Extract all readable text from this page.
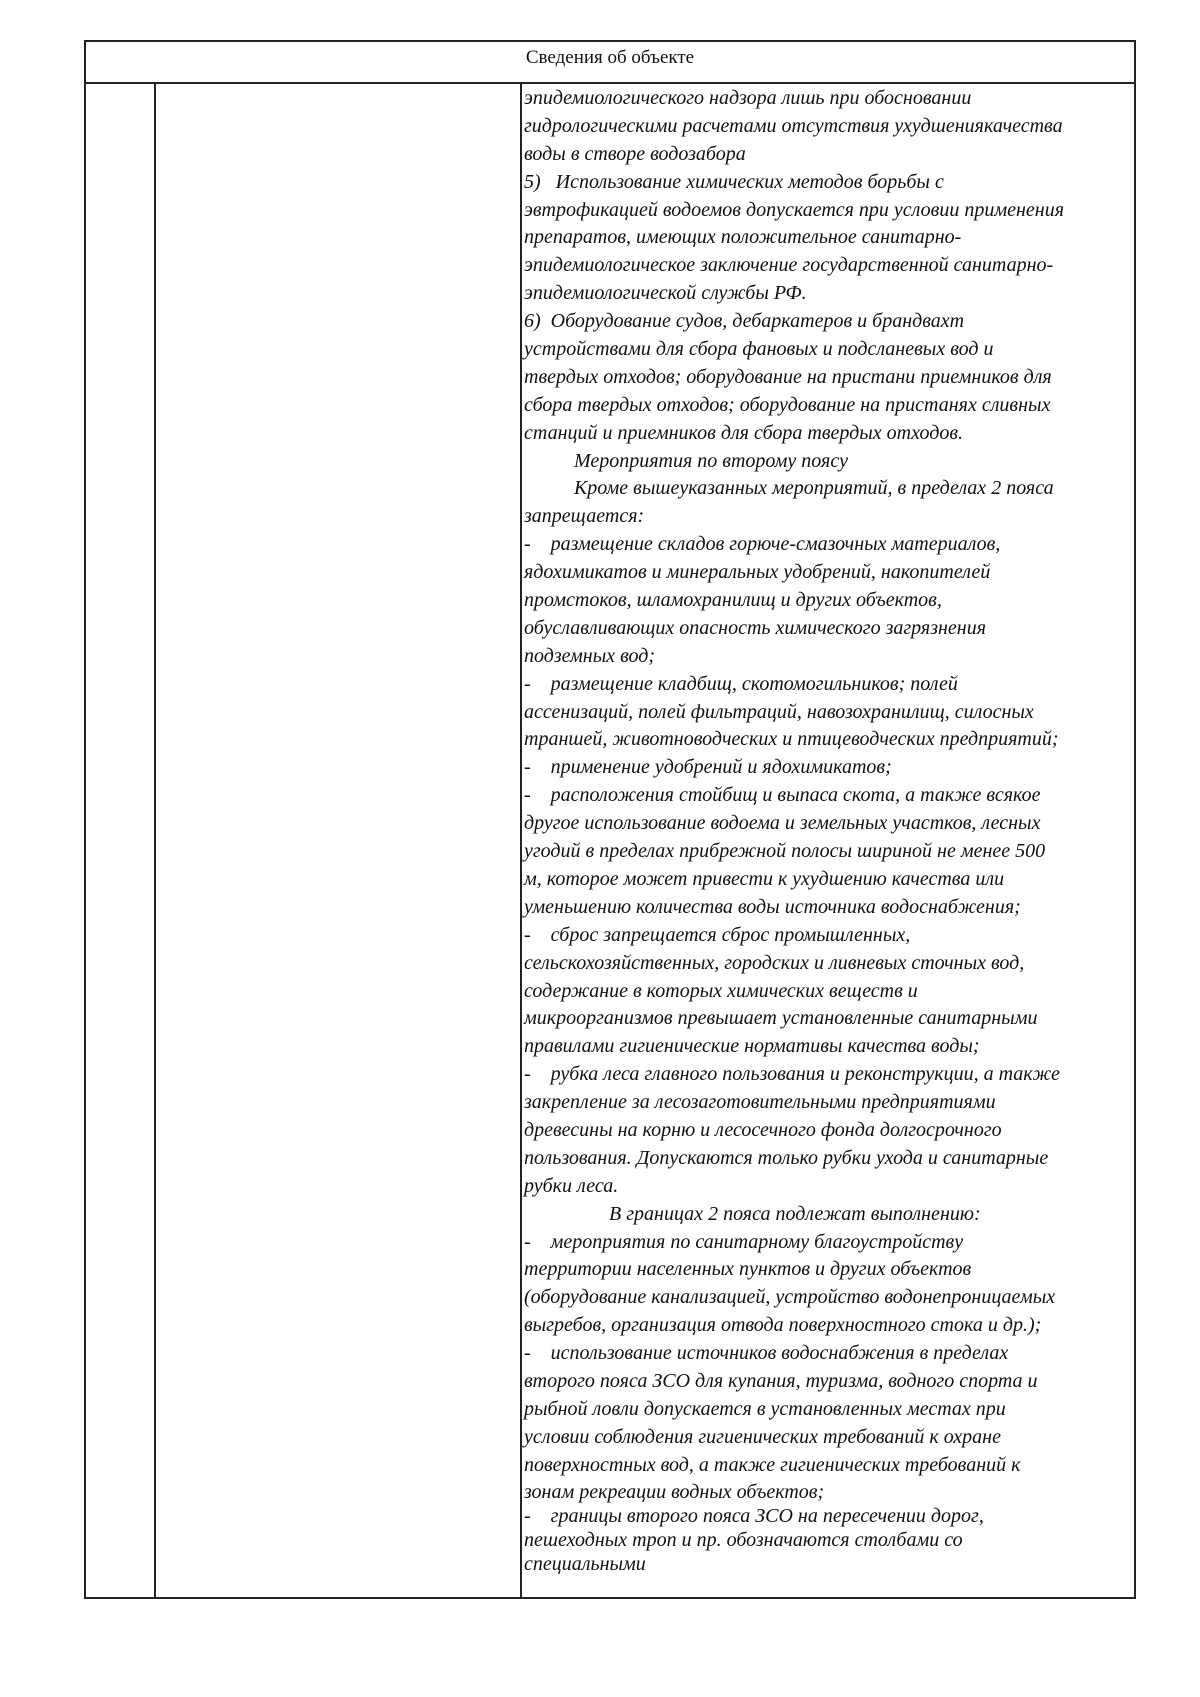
Сведения об объекте
эпидемиологического надзора лишь при обосновании
гидрологическими расчетами отсутствия ухудшениякачества
воды в створе водозабора
5)   Использование химических методов борьбы с
эвтрофикацией водоемов допускается при условии применения
препаратов, имеющих положительное санитарно-
эпидемиологическое заключение государственной санитарно-
эпидемиологической службы РФ.
6)  Оборудование судов, дебаркатеров и брандвахт
устройствами для сбора фановых и подсланевых вод и
твердых отходов; оборудование на пристани приемников для
сбора твердых отходов; оборудование на пристанях сливных
станций и приемников для сбора твердых отходов.
Мероприятия по второму поясу
Кроме вышеуказанных мероприятий, в пределах 2 пояса
запрещается:
-    размещение складов горюче-смазочных материалов,
ядохимикатов и минеральных удобрений, накопителей
промстоков, шламохранилищ и других объектов,
обуславливающих опасность химического загрязнения
подземных вод;
-    размещение кладбищ, скотомогильников; полей
ассенизаций, полей фильтраций, навозохранилищ, силосных
траншей, животноводческих и птицеводческих предприятий;
-    применение удобрений и ядохимикатов;
-    расположения стойбищ и выпаса скота, а также всякое
другое использование водоема и земельных участков, лесных
угодий в пределах прибрежной полосы шириной не менее 500
м, которое может привести к ухудшению качества или
уменьшению количества воды источника водоснабжения;
-    сброс запрещается сброс промышленных,
сельскохозяйственных, городских и ливневых сточных вод,
содержание в которых химических веществ и
микроорганизмов превышает установленные санитарными
правилами гигиенические нормативы качества воды;
-    рубка леса главного пользования и реконструкции, а также
закрепление за лесозаготовительными предприятиями
древесины на корню и лесосечного фонда долгосрочного
пользования. Допускаются только рубки ухода и санитарные
рубки леса.
В границах 2 пояса подлежат выполнению:
-    мероприятия по санитарному благоустройству
территории населенных пунктов и других объектов
(оборудование канализацией, устройство водонепроницаемых
выгребов, организация отвода поверхностного стока и др.);
-    использование источников водоснабжения в пределах
второго пояса ЗСО для купания, туризма, водного спорта и
рыбной ловли допускается в установленных местах при
условии соблюдения гигиенических требований к охране
поверхностных вод, а также гигиенических требований к
зонам рекреации водных объектов;
-    границы второго пояса ЗСО на пересечении дорог,
пешеходных троп и пр. обозначаются столбами со
специальными
